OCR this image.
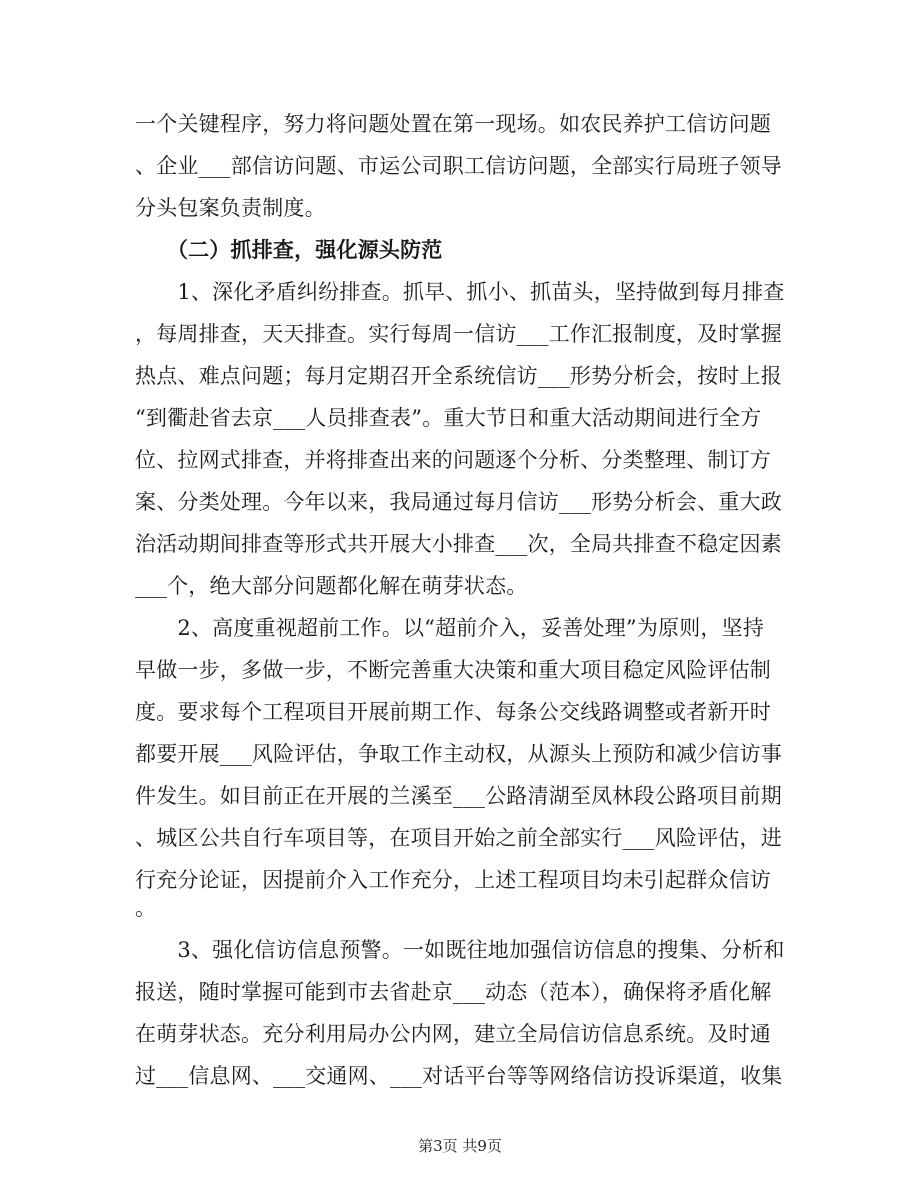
一个关键程序，努力将问题处置在第一现场。如农民养护工信访问题
、企业___部信访问题、市运公司职工信访问题，全部实行局班子领导
分头包案负责制度。
　　（二）抓排查，强化源头防范
　　1、深化矛盾纠纷排查。抓早、抓小、抓苗头，坚持做到每月排查
，每周排查，天天排查。实行每周一信访___工作汇报制度，及时掌握
热点、难点问题；每月定期召开全系统信访___形势分析会，按时上报
“到衢赴省去京___人员排查表”。重大节日和重大活动期间进行全方
位、拉网式排查，并将排查出来的问题逐个分析、分类整理、制订方
案、分类处理。今年以来，我局通过每月信访___形势分析会、重大政
治活动期间排查等形式共开展大小排查___次，全局共排查不稳定因素
___个，绝大部分问题都化解在萌芽状态。
　　2、高度重视超前工作。以“超前介入，妥善处理”为原则，坚持
早做一步，多做一步，不断完善重大决策和重大项目稳定风险评估制
度。要求每个工程项目开展前期工作、每条公交线路调整或者新开时
都要开展___风险评估，争取工作主动权，从源头上预防和减少信访事
件发生。如目前正在开展的兰溪至___公路清湖至凤林段公路项目前期
、城区公共自行车项目等，在项目开始之前全部实行___风险评估，进
行充分论证，因提前介入工作充分，上述工程项目均未引起群众信访
。
　　3、强化信访信息预警。一如既往地加强信访信息的搜集、分析和
报送，随时掌握可能到市去省赴京___动态（范本），确保将矛盾化解
在萌芽状态。充分利用局办公内网，建立全局信访信息系统。及时通
过___信息网、___交通网、___对话平台等等网络信访投诉渠道，收集
第3页 共9页
